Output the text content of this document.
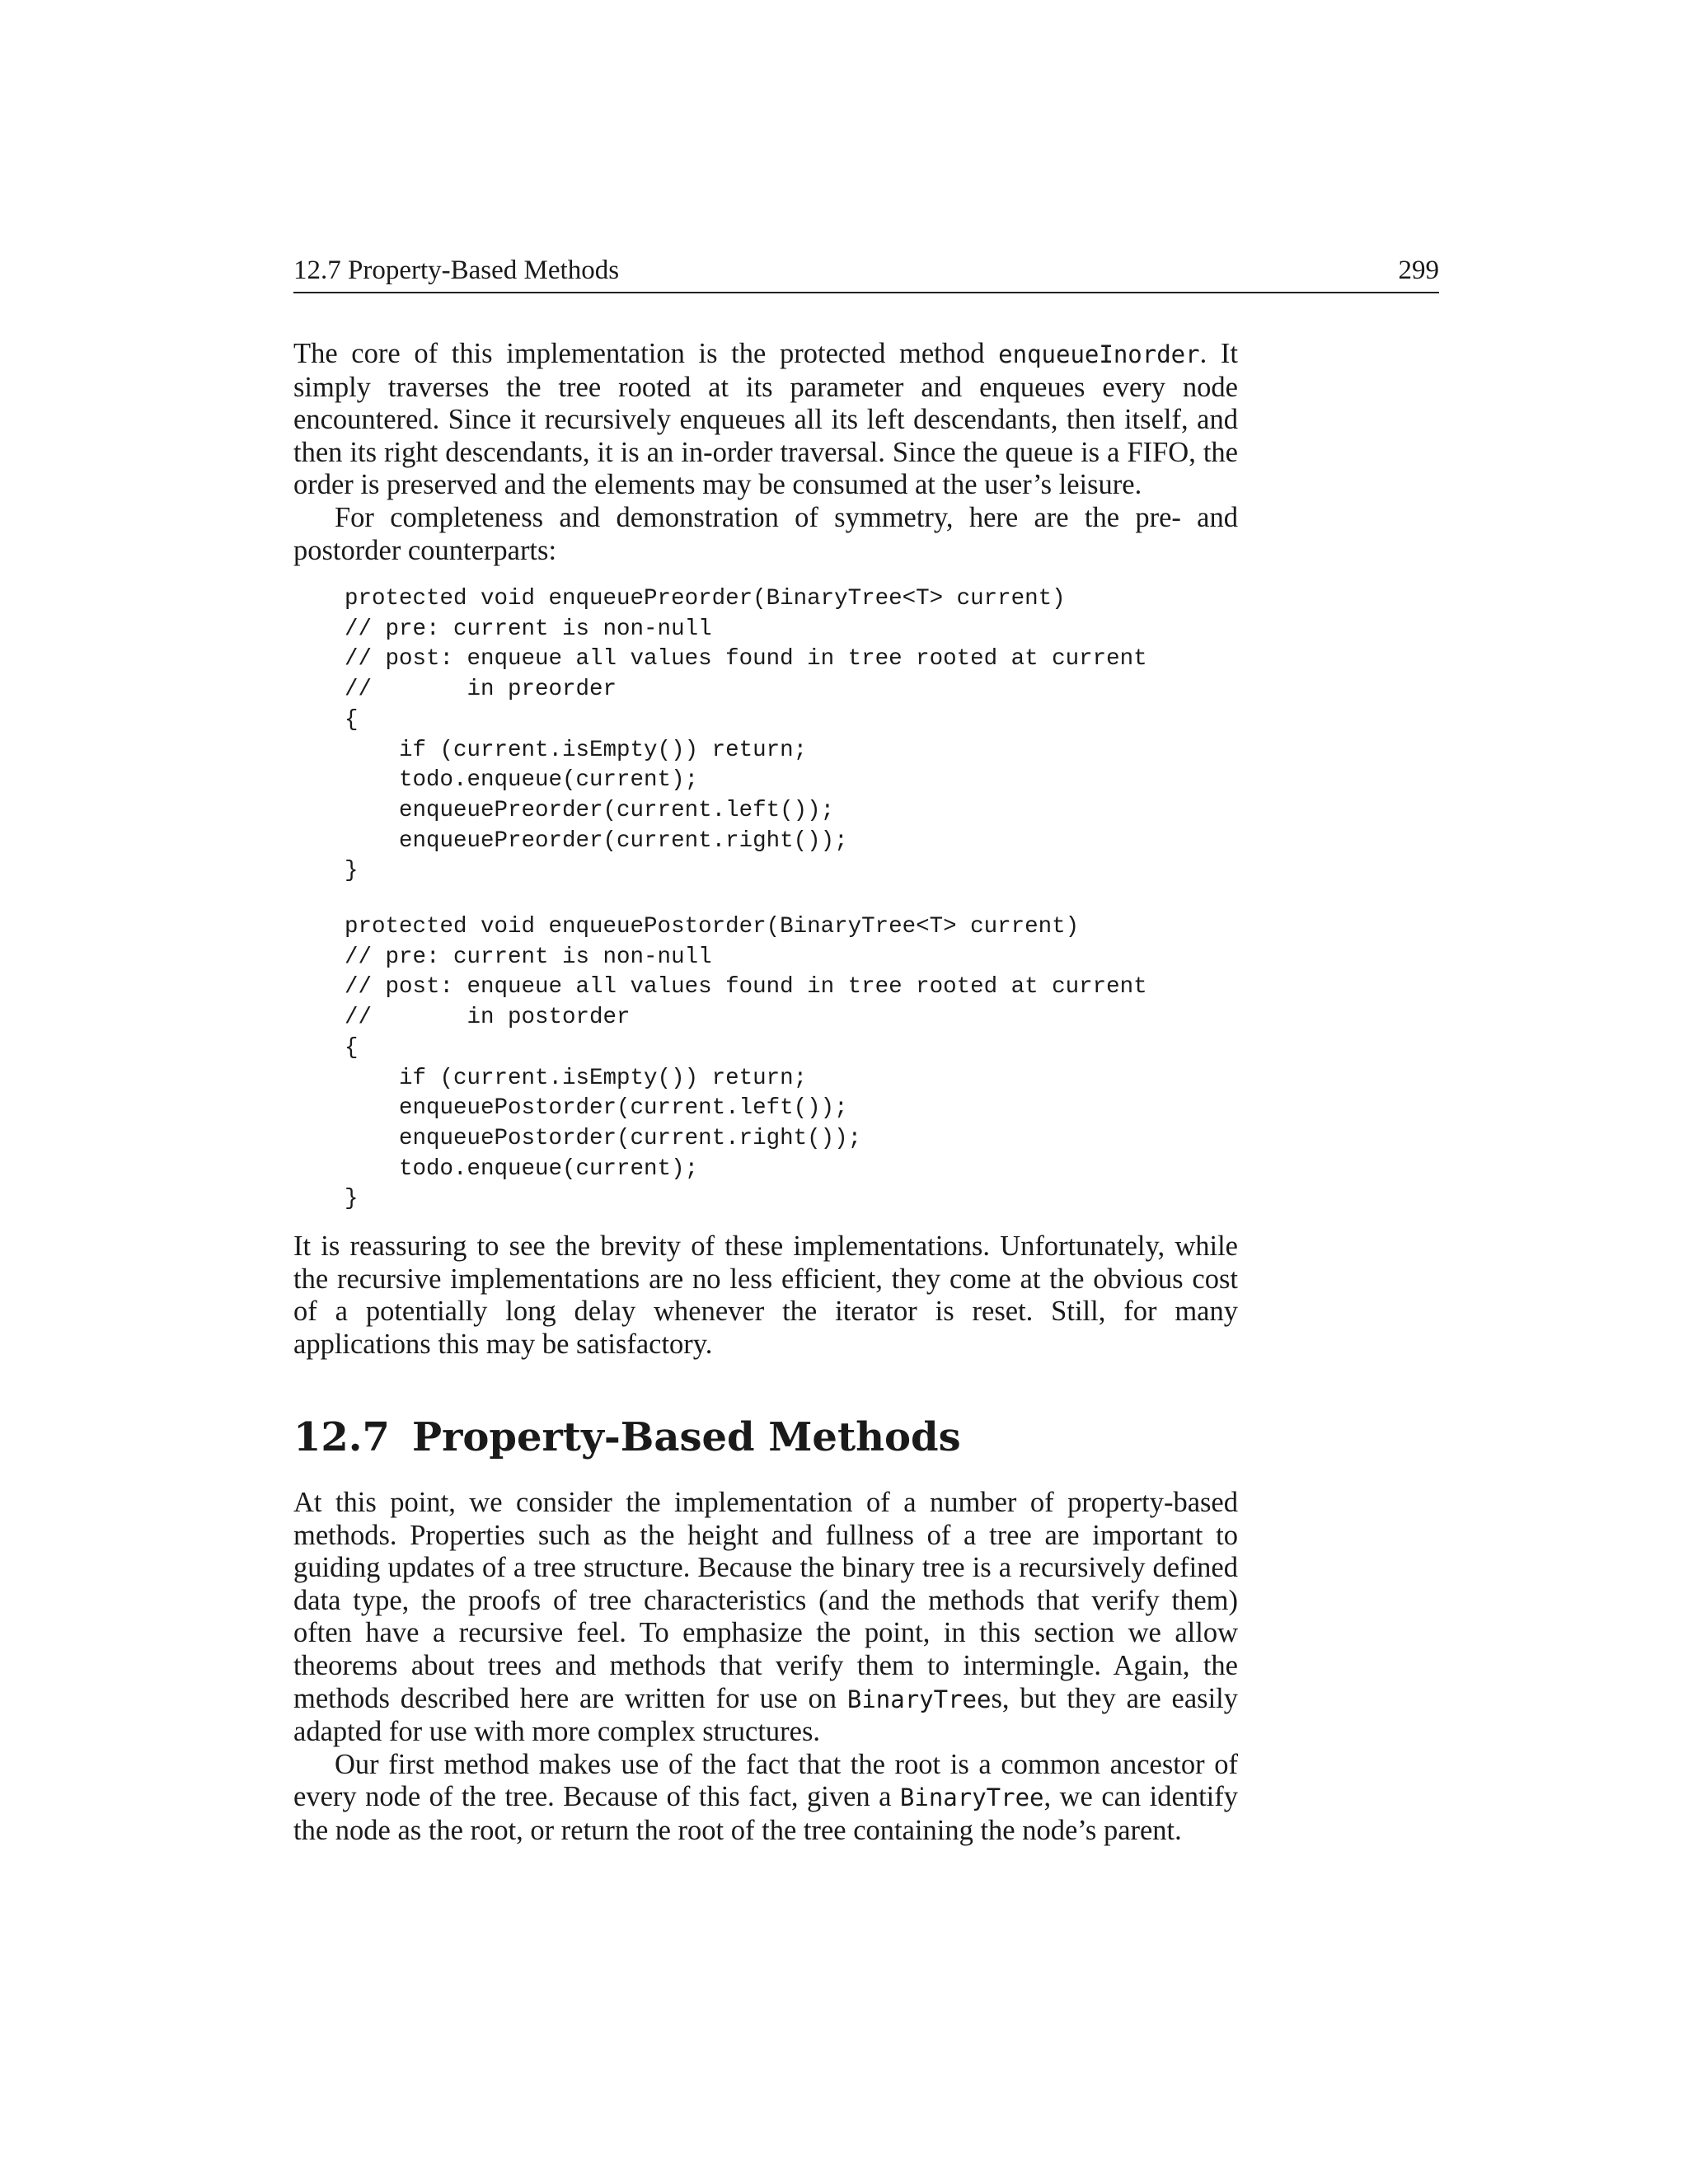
12.7 Property-Based Methods	299

The core of this implementation is the protected method enqueueInorder. It simply traverses the tree rooted at its parameter and enqueues every node encountered. Since it recursively enqueues all its left descendants, then itself, and then its right descendants, it is an in-order traversal. Since the queue is a FIFO, the order is preserved and the elements may be consumed at the user’s leisure.

For completeness and demonstration of symmetry, here are the pre- and postorder counterparts:

protected void enqueuePreorder(BinaryTree<T> current)
// pre: current is non-null
// post: enqueue all values found in tree rooted at current
//       in preorder
{
if (current.isEmpty()) return;
todo.enqueue(current);
enqueuePreorder(current.left());
enqueuePreorder(current.right());
}
protected void enqueuePostorder(BinaryTree<T> current)
// pre: current is non-null
// post: enqueue all values found in tree rooted at current
//       in postorder
{
if (current.isEmpty()) return;
enqueuePostorder(current.left());
enqueuePostorder(current.right());
todo.enqueue(current);
}

It is reassuring to see the brevity of these implementations. Unfortunately, while the recursive implementations are no less efficient, they come at the obvious cost of a potentially long delay whenever the iterator is reset. Still, for many applications this may be satisfactory.

12.7 Property-Based Methods

At this point, we consider the implementation of a number of property-based methods. Properties such as the height and fullness of a tree are important to guiding updates of a tree structure. Because the binary tree is a recursively defined data type, the proofs of tree characteristics (and the methods that verify them) often have a recursive feel. To emphasize the point, in this section we allow theorems about trees and methods that verify them to intermingle. Again, the methods described here are written for use on BinaryTrees, but they are easily adapted for use with more complex structures.

Our first method makes use of the fact that the root is a common ancestor of every node of the tree. Because of this fact, given a BinaryTree, we can identify the node as the root, or return the root of the tree containing the node’s parent.
